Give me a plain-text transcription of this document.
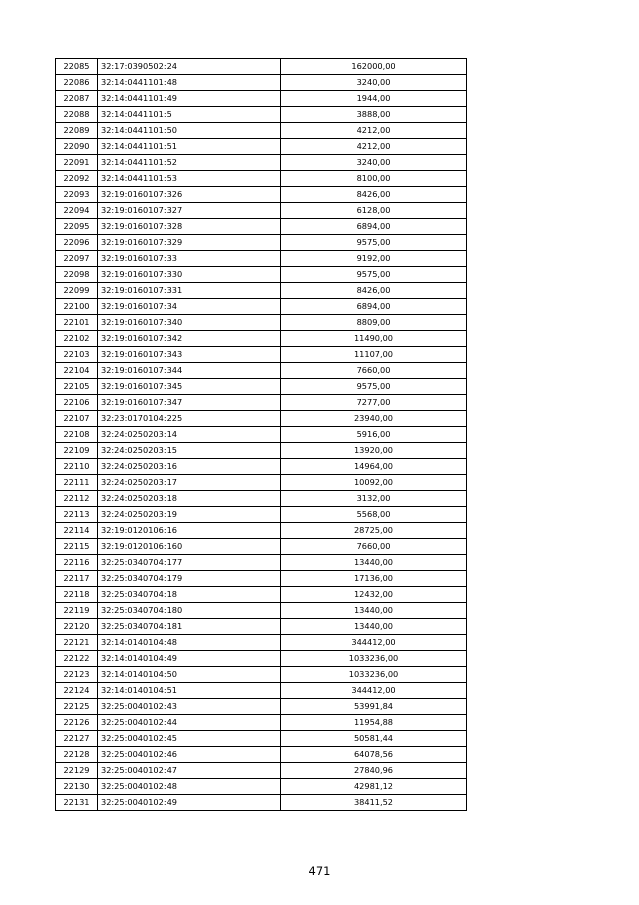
22085	32:17:0390502:24	162000,00
22086	32:14:0441101:48	3240,00
22087	32:14:0441101:49	1944,00
22088	32:14:0441101:5	3888,00
22089	32:14:0441101:50	4212,00
22090	32:14:0441101:51	4212,00
22091	32:14:0441101:52	3240,00
22092	32:14:0441101:53	8100,00
22093	32:19:0160107:326	8426,00
22094	32:19:0160107:327	6128,00
22095	32:19:0160107:328	6894,00
22096	32:19:0160107:329	9575,00
22097	32:19:0160107:33	9192,00
22098	32:19:0160107:330	9575,00
22099	32:19:0160107:331	8426,00
22100	32:19:0160107:34	6894,00
22101	32:19:0160107:340	8809,00
22102	32:19:0160107:342	11490,00
22103	32:19:0160107:343	11107,00
22104	32:19:0160107:344	7660,00
22105	32:19:0160107:345	9575,00
22106	32:19:0160107:347	7277,00
22107	32:23:0170104:225	23940,00
22108	32:24:0250203:14	5916,00
22109	32:24:0250203:15	13920,00
22110	32:24:0250203:16	14964,00
22111	32:24:0250203:17	10092,00
22112	32:24:0250203:18	3132,00
22113	32:24:0250203:19	5568,00
22114	32:19:0120106:16	28725,00
22115	32:19:0120106:160	7660,00
22116	32:25:0340704:177	13440,00
22117	32:25:0340704:179	17136,00
22118	32:25:0340704:18	12432,00
22119	32:25:0340704:180	13440,00
22120	32:25:0340704:181	13440,00
22121	32:14:0140104:48	344412,00
22122	32:14:0140104:49	1033236,00
22123	32:14:0140104:50	1033236,00
22124	32:14:0140104:51	344412,00
22125	32:25:0040102:43	53991,84
22126	32:25:0040102:44	11954,88
22127	32:25:0040102:45	50581,44
22128	32:25:0040102:46	64078,56
22129	32:25:0040102:47	27840,96
22130	32:25:0040102:48	42981,12
22131	32:25:0040102:49	38411,52
471
